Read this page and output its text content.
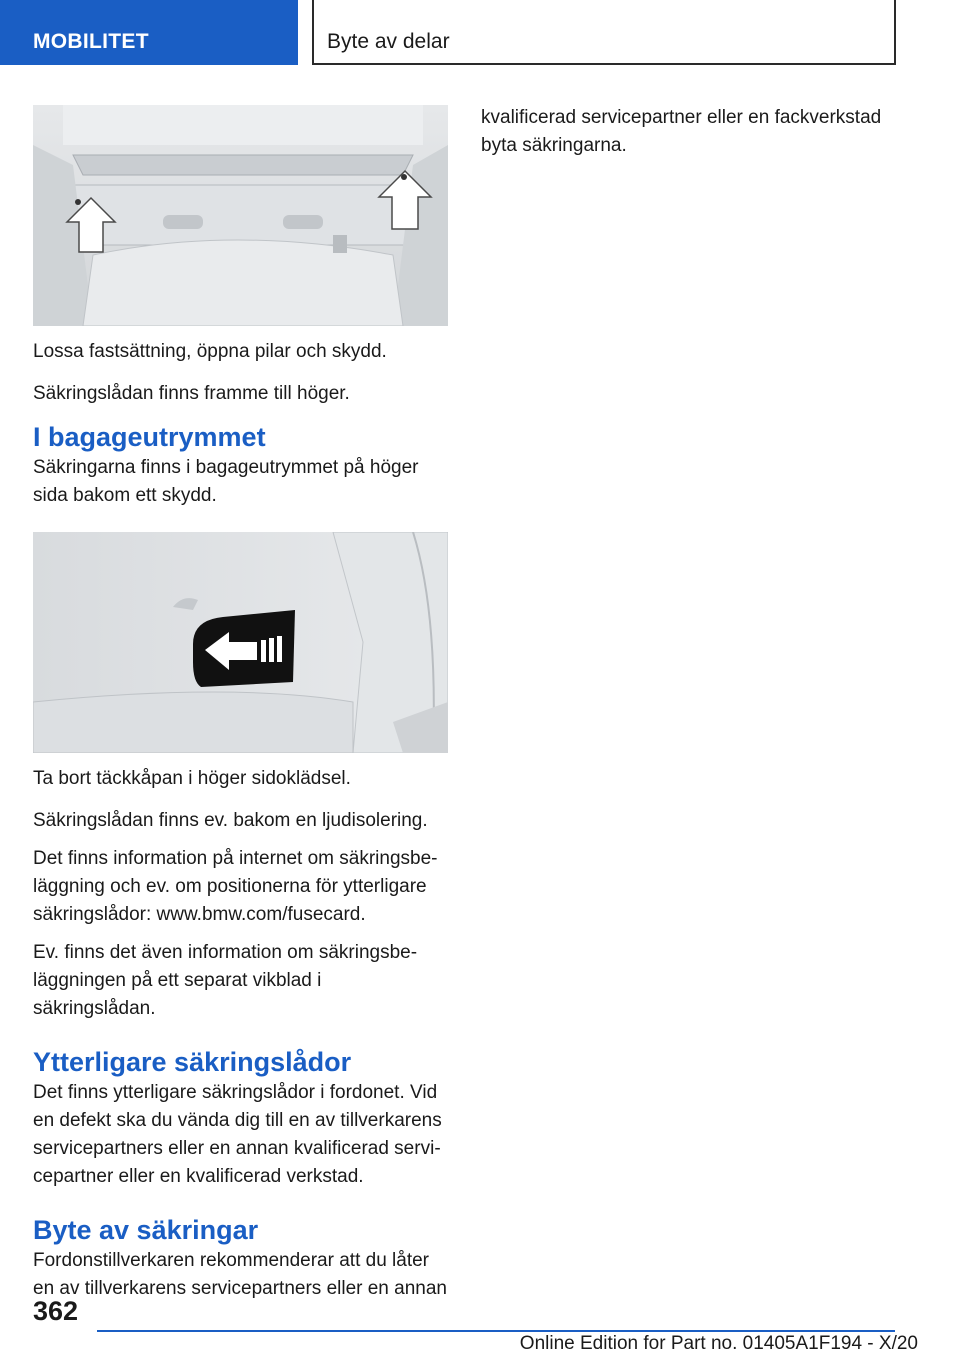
MOBILITET	Byte av delar

Lossa fastsättning, öppna pilar och skydd.

Säkringslådan finns framme till höger.

I bagageutrymmet

Säkringarna finns i bagageutrymmet på höger sida bakom ett skydd.

Ta bort täckkåpan i höger sidoklädsel.

Säkringslådan finns ev. bakom en ljudisolering.

Det finns information på internet om säkringsbeläggning och ev. om positionerna för ytterligare säkringslådor: www.bmw.com/fusecard.

Ev. finns det även information om säkringsbeläggningen på ett separat vikblad i säkringslådan.

Ytterligare säkringslådor

Det finns ytterligare säkringslådor i fordonet. Vid en defekt ska du vända dig till en av tillverkarens servicepartners eller en annan kvalificerad servicepartner eller en kvalificerad verkstad.

Byte av säkringar

Fordonstillverkaren rekommenderar att du låter en av tillverkarens servicepartners eller en annan

kvalificerad servicepartner eller en fackverkstad byta säkringarna.

362
Online Edition for Part no. 01405A1F194 - X/20
